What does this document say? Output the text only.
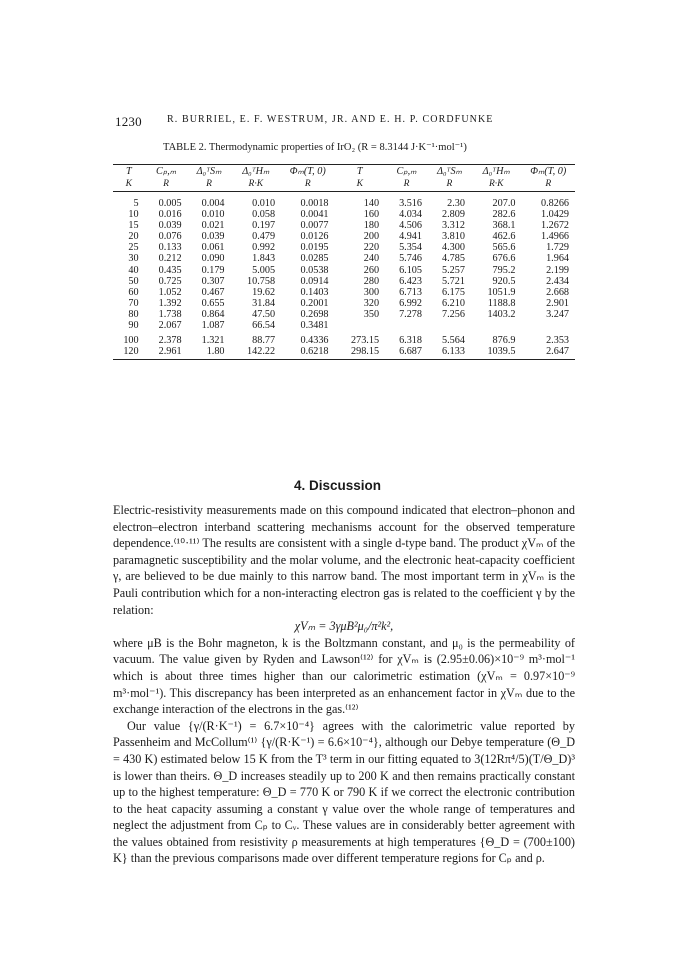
1230	R. BURRIEL, E. F. WESTRUM, JR. AND E. H. P. CORDFUNKE
TABLE 2. Thermodynamic properties of IrO₂ (R = 8.3144 J·K⁻¹·mol⁻¹)
T	Cₚ,ₘ	Δ₀ᵀSₘ	Δ₀ᵀHₘ	Φₘ(T, 0)	T	Cₚ,ₘ	Δ₀ᵀSₘ	Δ₀ᵀHₘ	Φₘ(T, 0)
K	R	R	R·K	R	K	R	R	R·K	R
5	0.005	0.004	0.010	0.0018	140	3.516	2.30	207.0	0.8266
10	0.016	0.010	0.058	0.0041	160	4.034	2.809	282.6	1.0429
15	0.039	0.021	0.197	0.0077	180	4.506	3.312	368.1	1.2672
20	0.076	0.039	0.479	0.0126	200	4.941	3.810	462.6	1.4966
25	0.133	0.061	0.992	0.0195	220	5.354	4.300	565.6	1.729
30	0.212	0.090	1.843	0.0285	240	5.746	4.785	676.6	1.964
40	0.435	0.179	5.005	0.0538	260	6.105	5.257	795.2	2.199
50	0.725	0.307	10.758	0.0914	280	6.423	5.721	920.5	2.434
60	1.052	0.467	19.62	0.1403	300	6.713	6.175	1051.9	2.668
70	1.392	0.655	31.84	0.2001	320	6.992	6.210	1188.8	2.901
80	1.738	0.864	47.50	0.2698	350	7.278	7.256	1403.2	3.247
90	2.067	1.087	66.54	0.3481					
100	2.378	1.321	88.77	0.4336	273.15	6.318	5.564	876.9	2.353
120	2.961	1.80	142.22	0.6218	298.15	6.687	6.133	1039.5	2.647
4. Discussion

Electric-resistivity measurements made on this compound indicated that electron–phonon and electron–electron interband scattering mechanisms account for the observed temperature dependence.⁽¹⁰·¹¹⁾ The results are consistent with a single d-type band. The product χVₘ of the paramagnetic susceptibility and the molar volume, and the electronic heat-capacity coefficient γ, are believed to be due mainly to this narrow band. The most important term in χVₘ is the Pauli contribution which for a non-interacting electron gas is related to the coefficient γ by the relation:

χVₘ = 3γμB²μ₀/π²k²,

where μB is the Bohr magneton, k is the Boltzmann constant, and μ₀ is the permeability of vacuum. The value given by Ryden and Lawson⁽¹²⁾ for χVₘ is (2.95±0.06)×10⁻⁹ m³·mol⁻¹ which is about three times higher than our calorimetric estimation (χVₘ = 0.97×10⁻⁹ m³·mol⁻¹). This discrepancy has been interpreted as an enhancement factor in χVₘ due to the exchange interaction of the electrons in the gas.⁽¹²⁾

Our value {γ/(R·K⁻¹) = 6.7×10⁻⁴} agrees with the calorimetric value reported by Passenheim and McCollum⁽¹⁾ {γ/(R·K⁻¹) = 6.6×10⁻⁴}, although our Debye temperature (Θ_D = 430 K) estimated below 15 K from the T³ term in our fitting equated to 3(12Rπ⁴/5)(T/Θ_D)³ is lower than theirs. Θ_D increases steadily up to 200 K and then remains practically constant up to the highest temperature: Θ_D = 770 K or 790 K if we correct the electronic contribution to the heat capacity assuming a constant γ value over the whole range of temperatures and neglect the adjustment from Cₚ to Cᵥ. These values are in considerably better agreement with the values obtained from resistivity ρ measurements at high temperatures {Θ_D = (700±100) K} than the previous comparisons made over different temperature regions for Cₚ and ρ.
